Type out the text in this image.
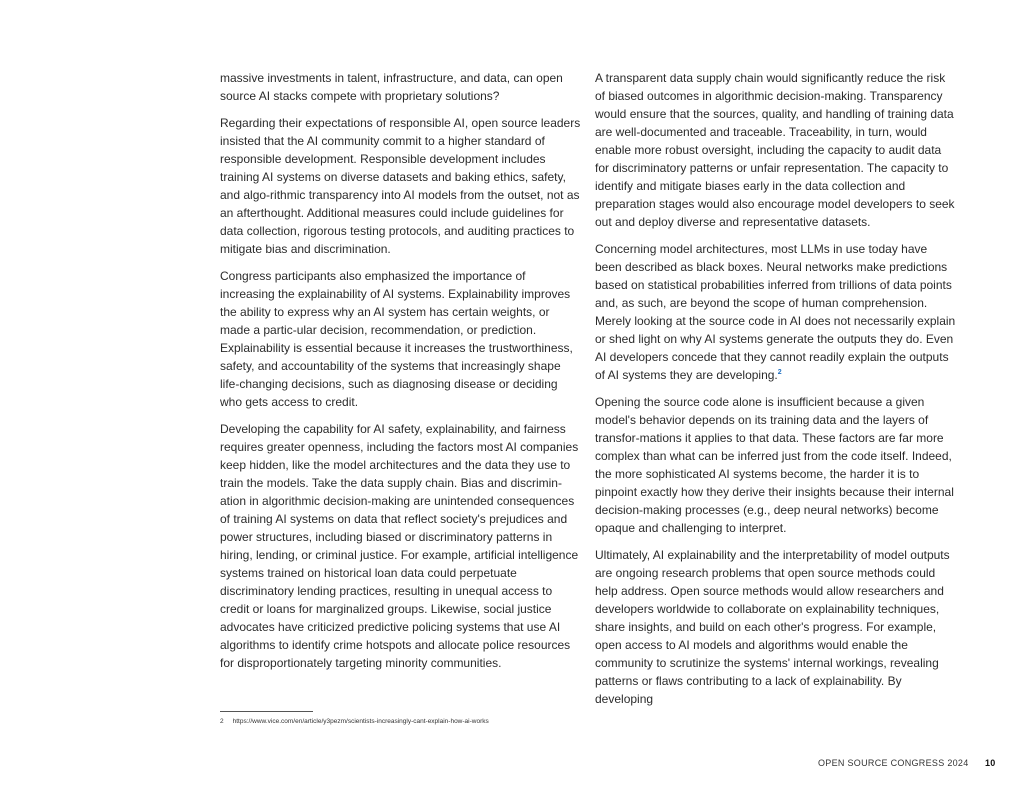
massive investments in talent, infrastructure, and data, can open source AI stacks compete with proprietary solutions?

Regarding their expectations of responsible AI, open source leaders insisted that the AI community commit to a higher standard of responsible development. Responsible development includes training AI systems on diverse datasets and baking ethics, safety, and algo-rithmic transparency into AI models from the outset, not as an afterthought. Additional measures could include guidelines for data collection, rigorous testing protocols, and auditing practices to mitigate bias and discrimination.

Congress participants also emphasized the importance of increasing the explainability of AI systems. Explainability improves the ability to express why an AI system has certain weights, or made a partic-ular decision, recommendation, or prediction. Explainability is essential because it increases the trustworthiness, safety, and accountability of the systems that increasingly shape life-changing decisions, such as diagnosing disease or deciding who gets access to credit.

Developing the capability for AI safety, explainability, and fairness requires greater openness, including the factors most AI companies keep hidden, like the model architectures and the data they use to train the models. Take the data supply chain. Bias and discrimin-ation in algorithmic decision-making are unintended consequences of training AI systems on data that reflect society's prejudices and power structures, including biased or discriminatory patterns in hiring, lending, or criminal justice. For example, artificial intelligence systems trained on historical loan data could perpetuate discriminatory lending practices, resulting in unequal access to credit or loans for marginalized groups. Likewise, social justice advocates have criticized predictive policing systems that use AI algorithms to identify crime hotspots and allocate police resources for disproportionately targeting minority communities.

A transparent data supply chain would significantly reduce the risk of biased outcomes in algorithmic decision-making. Transparency would ensure that the sources, quality, and handling of training data are well-documented and traceable. Traceability, in turn, would enable more robust oversight, including the capacity to audit data for discriminatory patterns or unfair representation. The capacity to identify and mitigate biases early in the data collection and preparation stages would also encourage model developers to seek out and deploy diverse and representative datasets.

Concerning model architectures, most LLMs in use today have been described as black boxes. Neural networks make predictions based on statistical probabilities inferred from trillions of data points and, as such, are beyond the scope of human comprehension. Merely looking at the source code in AI does not necessarily explain or shed light on why AI systems generate the outputs they do. Even AI developers concede that they cannot readily explain the outputs of AI systems they are developing.$^2$

Opening the source code alone is insufficient because a given model's behavior depends on its training data and the layers of transfor-mations it applies to that data. These factors are far more complex than what can be inferred just from the code itself. Indeed, the more sophisticated AI systems become, the harder it is to pinpoint exactly how they derive their insights because their internal decision-making processes (e.g., deep neural networks) become opaque and challenging to interpret.

Ultimately, AI explainability and the interpretability of model outputs are ongoing research problems that open source methods could help address. Open source methods would allow researchers and developers worldwide to collaborate on explainability techniques, share insights, and build on each other's progress. For example, open access to AI models and algorithms would enable the community to scrutinize the systems' internal workings, revealing patterns or flaws contributing to a lack of explainability. By developing

2 https://www.vice.com/en/article/y3pezm/scientists-increasingly-cant-explain-how-ai-works
OPEN SOURCE CONGRESS 2024 10
